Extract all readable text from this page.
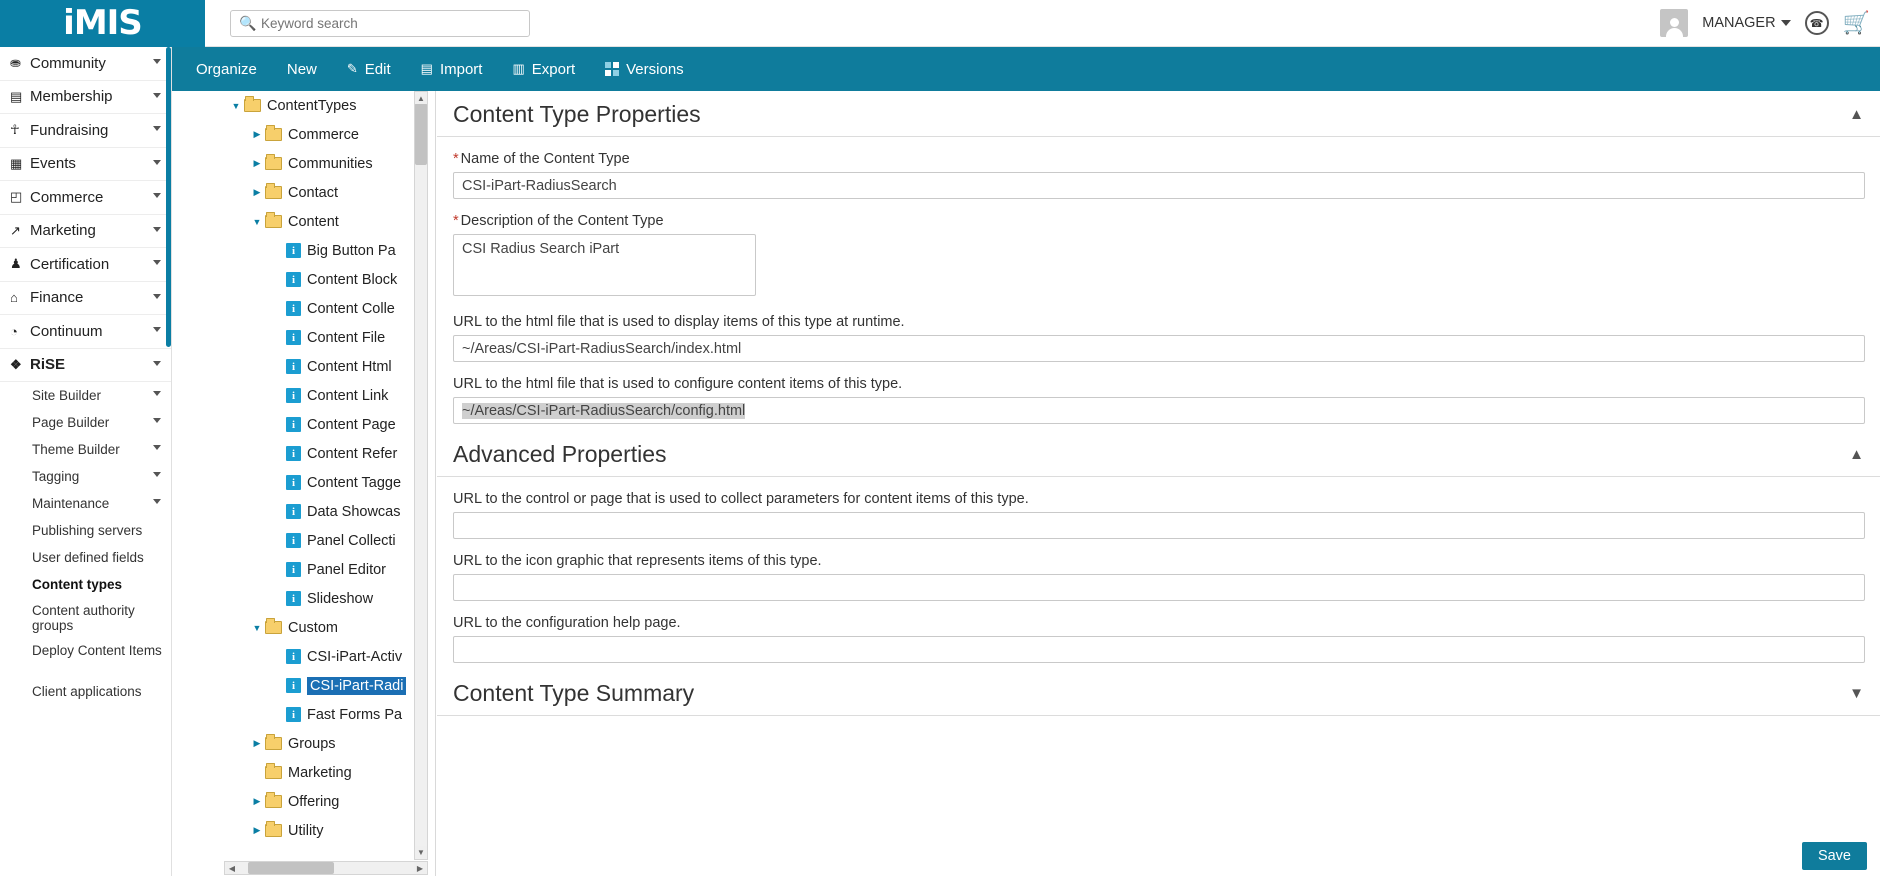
iMIS	🔍
Keyword search	MANAGER	☎ 🛒
⛂ Community
▤ Membership
☥ Fundraising
▦ Events
◰ Commerce
↗ Marketing
♟ Certification
⌂ Finance
◔ Continuum
❖ RiSE
Site Builder
Page Builder
Theme Builder
Tagging
Maintenance
Publishing servers
User defined fields
Content types
Content authority groups
Deploy Content Items
Client applications
Organize New ✎ Edit ▤ Import ▥ Export	Versions
▼ ContentTypes
▶	Commerce
▶	Communities
▶	Contact
▼ Content
i Big Button Pa
i Content Block
i Content Colle
i Content File
i Content Html
i Content Link
i Content Page
i Content Refer
i Content Tagge
i Data Showcas
i Panel Collecti
i Panel Editor
i Slideshow
▼ Custom
i CSI-iPart-Activ
i	CSI-iPart-Radi
i Fast Forms Pa
▶	Groups
Marketing
▶	Offering
▶	Utility
▲
▼
◀	▶
Content Type Properties	▲
* Name of the Content Type
CSI-iPart-RadiusSearch
* Description of the Content Type
CSI Radius Search iPart
URL to the html file that is used to display items of this type at runtime.
~/Areas/CSI-iPart-RadiusSearch/index.html
URL to the html file that is used to configure content items of this type.
~/Areas/CSI-iPart-RadiusSearch/config.html
Advanced Properties	▲
URL to the control or page that is used to collect parameters for content items of this type.
URL to the icon graphic that represents items of this type.
URL to the configuration help page.
Content Type Summary	▼
Save
